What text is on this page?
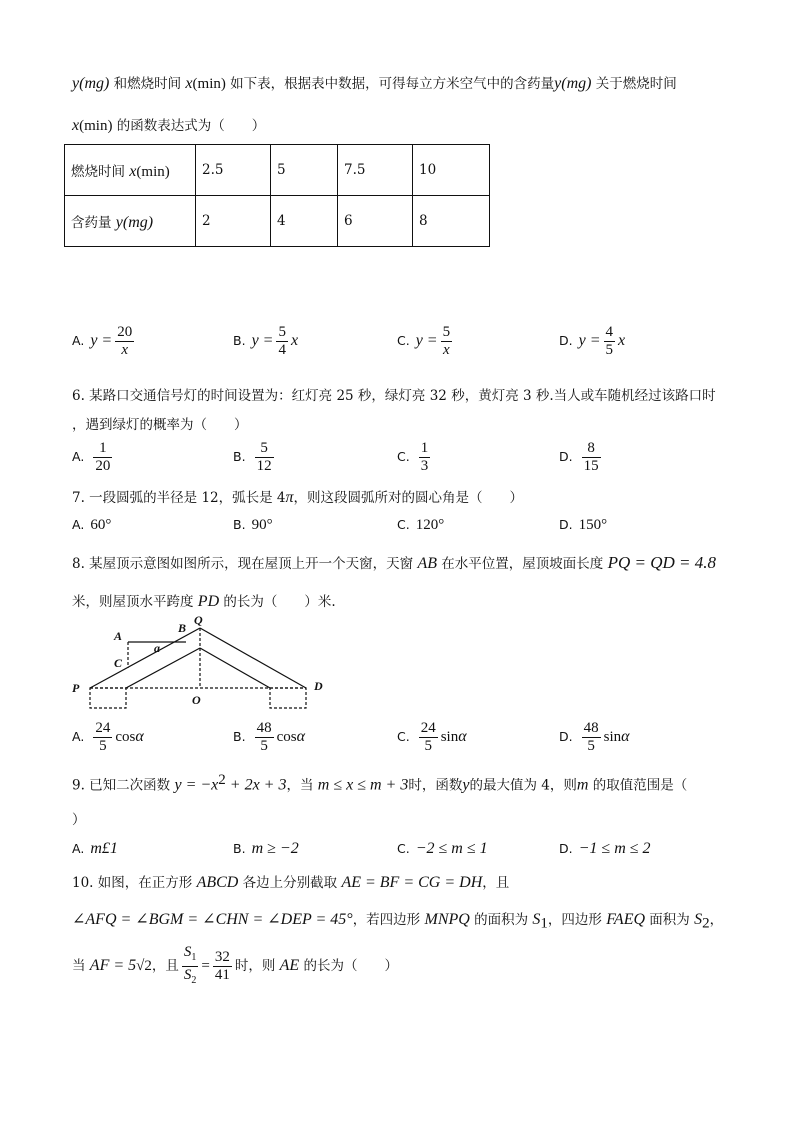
y(mg) 和燃烧时间 x(min) 如下表，根据表中数据，可得每立方米空气中的含药量y(mg) 关于燃烧时间
x(min) 的函数表达式为（　　）
燃烧时间 x(min)	2.5	5	7.5	10
含药量 y(mg)	2	4	6	8
A. $y = \frac{20}{x}$	B. $y = \frac{5}{4}$ x	C. $y = \frac{5}{x}$	D. $y = \frac{4}{5}$ x
6. 某路口交通信号灯的时间设置为：红灯亮 25 秒，绿灯亮 32 秒，黄灯亮 3 秒.当人或车随机经过该路口时
，遇到绿灯的概率为（　　）
A. $\frac{1}{20}$	B. $\frac{5}{12}$	C. $\frac{1}{3}$	D. $\frac{8}{15}$
7. 一段圆弧的半径是 12，弧长是 4π，则这段圆弧所对的圆心角是（　　）
A. 60°	B. 90°	C. 120°	D. 150°
8. 某屋顶示意图如图所示，现在屋顶上开一个天窗，天窗 AB 在水平位置，屋顶坡面长度 PQ = QD = 4.8
米，则屋顶水平跨度 PD 的长为（　　）米.
A
B
Q
C
a
P
O
D
A. $\frac{24}{5}$ cosα	B. $\frac{48}{5}$ cosα	C. $\frac{24}{5}$ sinα	D. $\frac{48}{5}$ sinα
9. 已知二次函数 $y = -x^2 + 2x + 3$，当 m ≤ x ≤ m + 3时，函数y的最大值为 4，则m 的取值范围是（
）
A. m£1	B. m ≥ −2	C. −2 ≤ m ≤ 1	D. −1 ≤ m ≤ 2
10. 如图，在正方形 ABCD 各边上分别截取 AE = BF = CG = DH，且
∠AFQ = ∠BGM = ∠CHN = ∠DEP = 45°，若四边形 MNPQ 的面积为 $S_1$，四边形 FAEQ 面积为 $S_2$，
当 AF = 5√2，且 $\frac{S_1}{S_2} = \frac{32}{41}$ 时，则 AE 的长为（　　）
